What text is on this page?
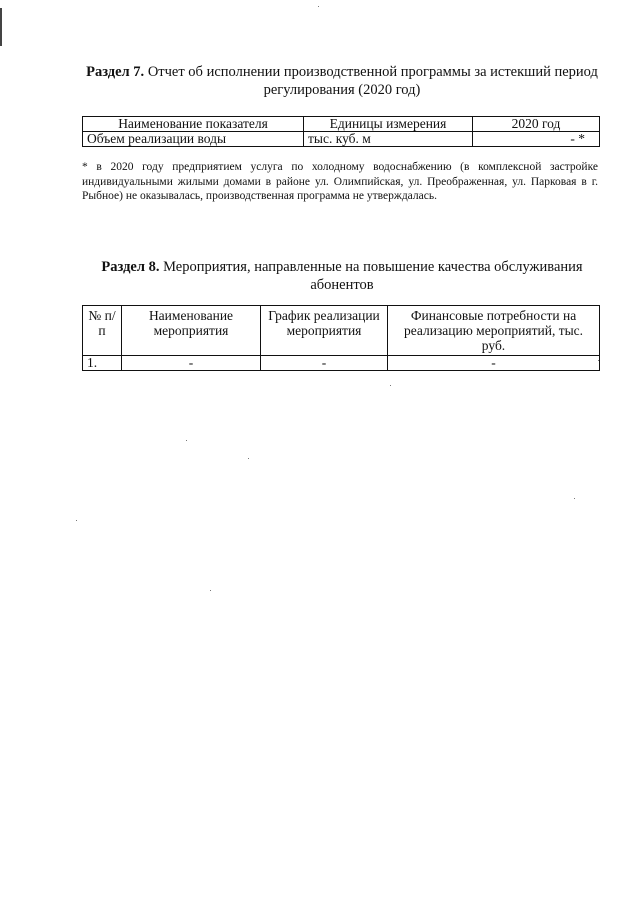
Раздел 7. Отчет об исполнении производственной программы за истекший период регулирования (2020 год)
Наименование показателя	Единицы измерения	2020 год
Объем реализации воды	тыс. куб. м	- *
* в 2020 году предприятием услуга по холодному водоснабжению (в комплексной застройке индивидуальными жилыми домами в районе ул. Олимпийская, ул. Преображенная, ул. Парковая в г. Рыбное) не оказывалась, производственная программа не утверждалась.
Раздел 8. Мероприятия, направленные на повышение качества обслуживания абонентов
№ п/п	Наименование мероприятия	График реализации мероприятия	Финансовые потребности на реализацию мероприятий, тыс. руб.
1.	-	-	-
